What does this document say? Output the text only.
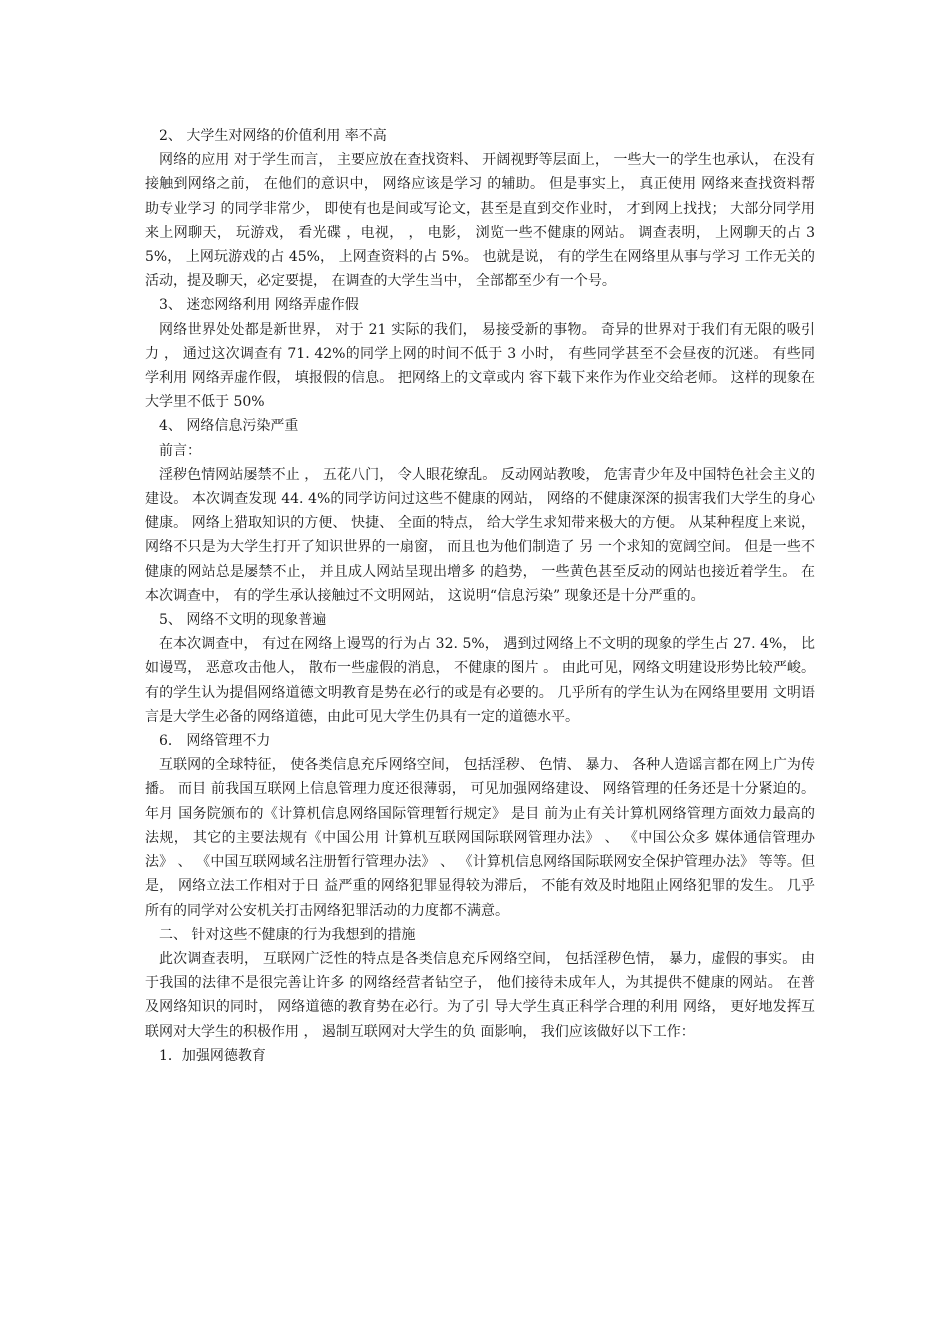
2、 大学生对网络的价值利用 率不高

网络的应用 对于学生而言， 主要应放在查找资料、 开阔视野等层面上， 一些大一的学生也承认， 在没有接触到网络之前， 在他们的意识中， 网络应该是学习 的辅助。 但是事实上， 真正使用 网络来查找资料帮助专业学习 的同学非常少， 即使有也是间或写论文，甚至是直到交作业时， 才到网上找找； 大部分同学用 来上网聊天， 玩游戏， 看光碟 ，电视， ， 电影， 浏览一些不健康的网站。 调查表明， 上网聊天的占 35%， 上网玩游戏的占 45%， 上网查资料的占 5%。 也就是说， 有的学生在网络里从事与学习 工作无关的活动，提及聊天，必定要提， 在调查的大学生当中， 全部都至少有一个号。

3、 迷恋网络利用 网络弄虚作假

网络世界处处都是新世界， 对于 21 实际的我们， 易接受新的事物。 奇异的世界对于我们有无限的吸引 力 ， 通过这次调查有 71. 42%的同学上网的时间不低于 3 小时， 有些同学甚至不会昼夜的沉迷。 有些同学利用 网络弄虚作假， 填报假的信息。 把网络上的文章或内 容下载下来作为作业交给老师。 这样的现象在大学里不低于 50%

4、 网络信息污染严重

前言：

淫秽色情网站屡禁不止 ， 五花八门， 令人眼花缭乱。 反动网站教唆， 危害青少年及中国特色社会主义的建设。 本次调查发现 44. 4%的同学访问过这些不健康的网站， 网络的不健康深深的损害我们大学生的身心健康。 网络上猎取知识的方便、 快捷、 全面的特点， 给大学生求知带来极大的方便。 从某种程度上来说， 网络不只是为大学生打开了知识世界的一扇窗， 而且也为他们制造了 另 一个求知的宽阔空间。 但是一些不健康的网站总是屡禁不止， 并且成人网站呈现出增多 的趋势， 一些黄色甚至反动的网站也接近着学生。 在本次调查中， 有的学生承认接触过不文明网站， 这说明“信息污染” 现象还是十分严重的。

5、 网络不文明的现象普遍

在本次调查中， 有过在网络上谩骂的行为占 32. 5%， 遇到过网络上不文明的现象的学生占 27. 4%， 比如谩骂， 恶意攻击他人， 散布一些虚假的消息， 不健康的图片 。 由此可见，网络文明建设形势比较严峻。 有的学生认为提倡网络道德文明教育是势在必行的或是有必要的。 几乎所有的学生认为在网络里要用 文明语言是大学生必备的网络道德，由此可见大学生仍具有一定的道德水平。

6． 网络管理不力

互联网的全球特征， 使各类信息充斥网络空间， 包括淫秽、 色情、 暴力、 各种人造谣言都在网上广为传播。 而目 前我国互联网上信息管理力度还很薄弱， 可见加强网络建设、 网络管理的任务还是十分紧迫的。 年月 国务院颁布的《计算机信息网络国际管理暂行规定》 是目 前为止有关计算机网络管理方面效力最高的法规， 其它的主要法规有《中国公用 计算机互联网国际联网管理办法》 、 《中国公众多 媒体通信管理办法》 、 《中国互联网域名注册暂行管理办法》 、 《计算机信息网络国际联网安全保护管理办法》 等等。但是， 网络立法工作相对于日 益严重的网络犯罪显得较为滞后， 不能有效及时地阻止网络犯罪的发生。 几乎所有的同学对公安机关打击网络犯罪活动的力度都不满意。

二、 针对这些不健康的行为我想到的措施

此次调查表明， 互联网广泛性的特点是各类信息充斥网络空间， 包括淫秽色情， 暴力，虚假的事实。 由于我国的法律不是很完善让许多 的网络经营者钻空子， 他们接待未成年人，为其提供不健康的网站。 在普及网络知识的同时， 网络道德的教育势在必行。为了引 导大学生真正科学合理的利用 网络， 更好地发挥互联网对大学生的积极作用 ， 遏制互联网对大学生的负 面影响， 我们应该做好以下工作：

1．加强网德教育
